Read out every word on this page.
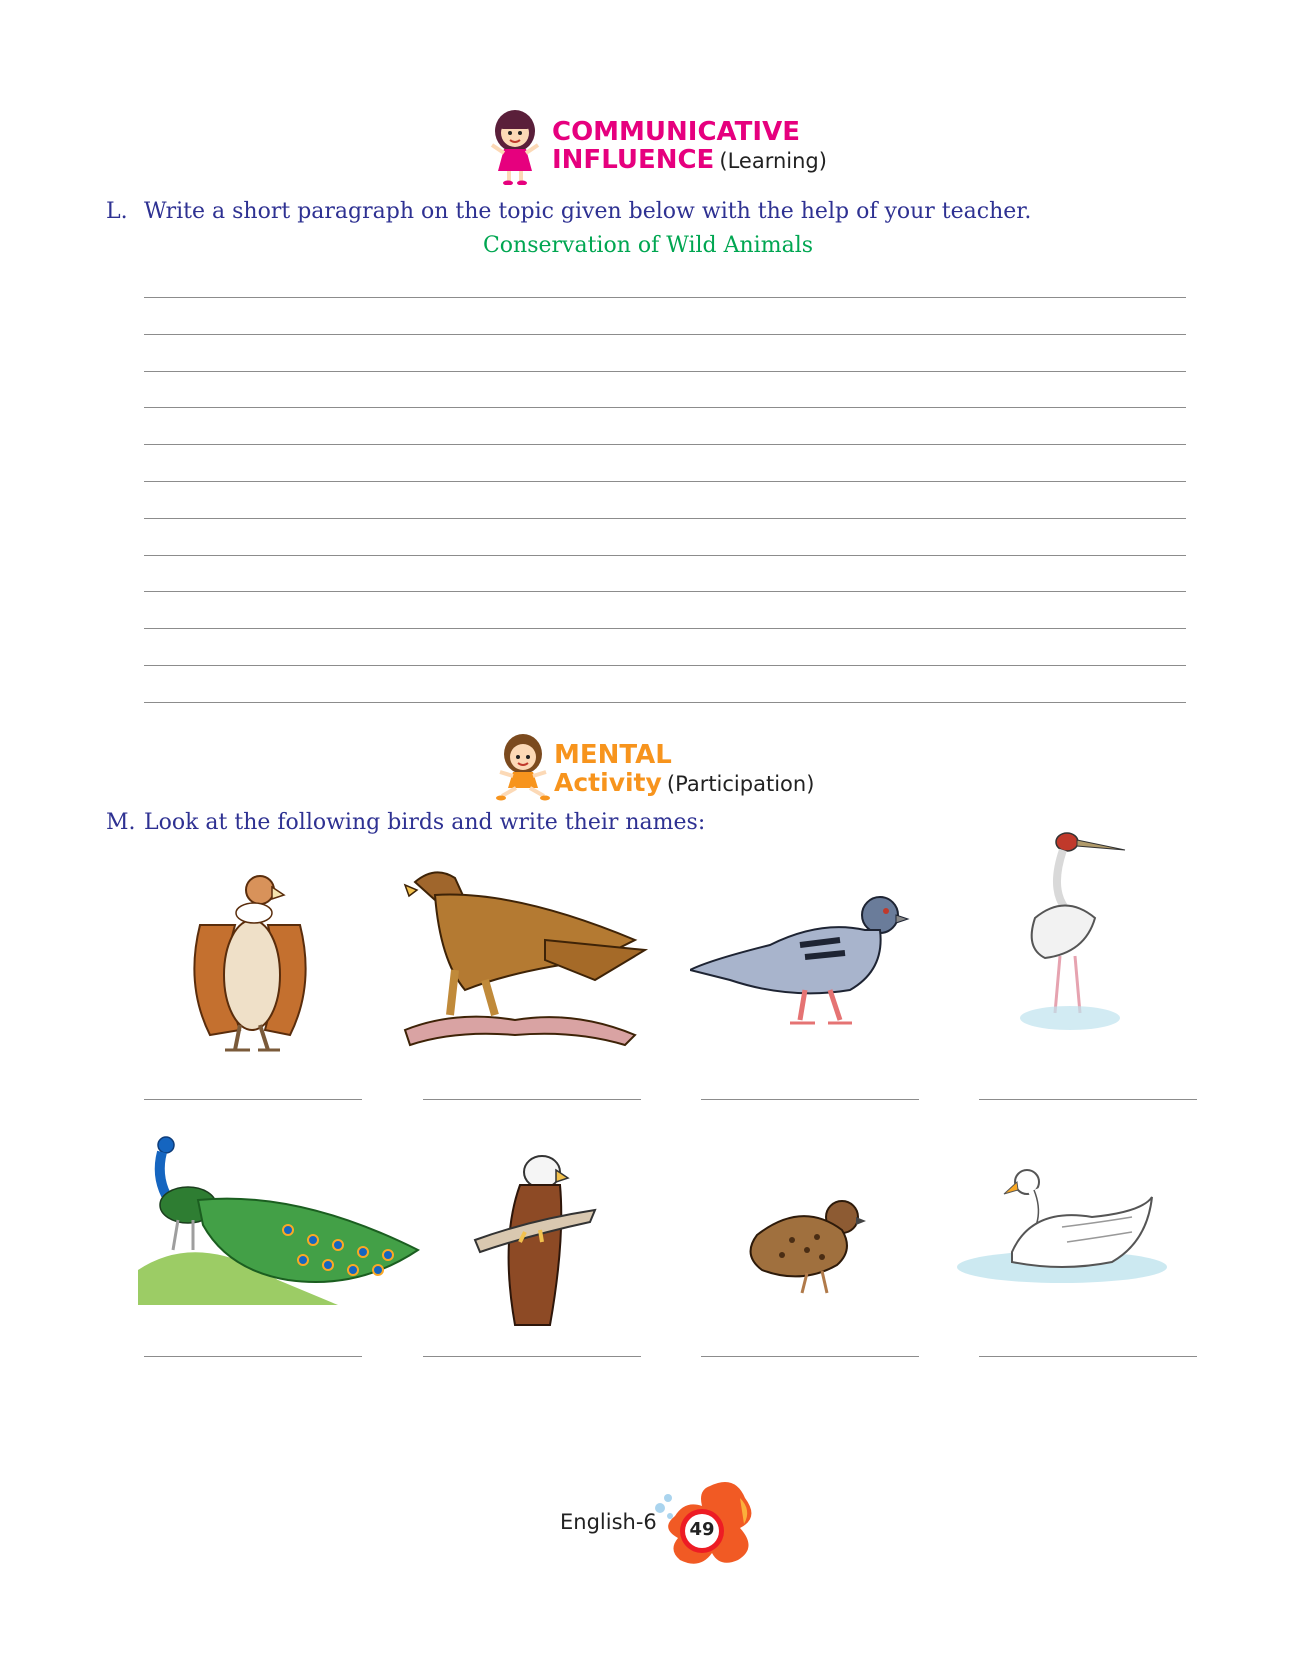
COMMUNICATIVE
INFLUENCE (Learning)
L. Write a short paragraph on the topic given below with the help of your teacher.
Conservation of Wild Animals
MENTAL
Activity (Participation)
M. Look at the following birds and write their names:
English-6	49
